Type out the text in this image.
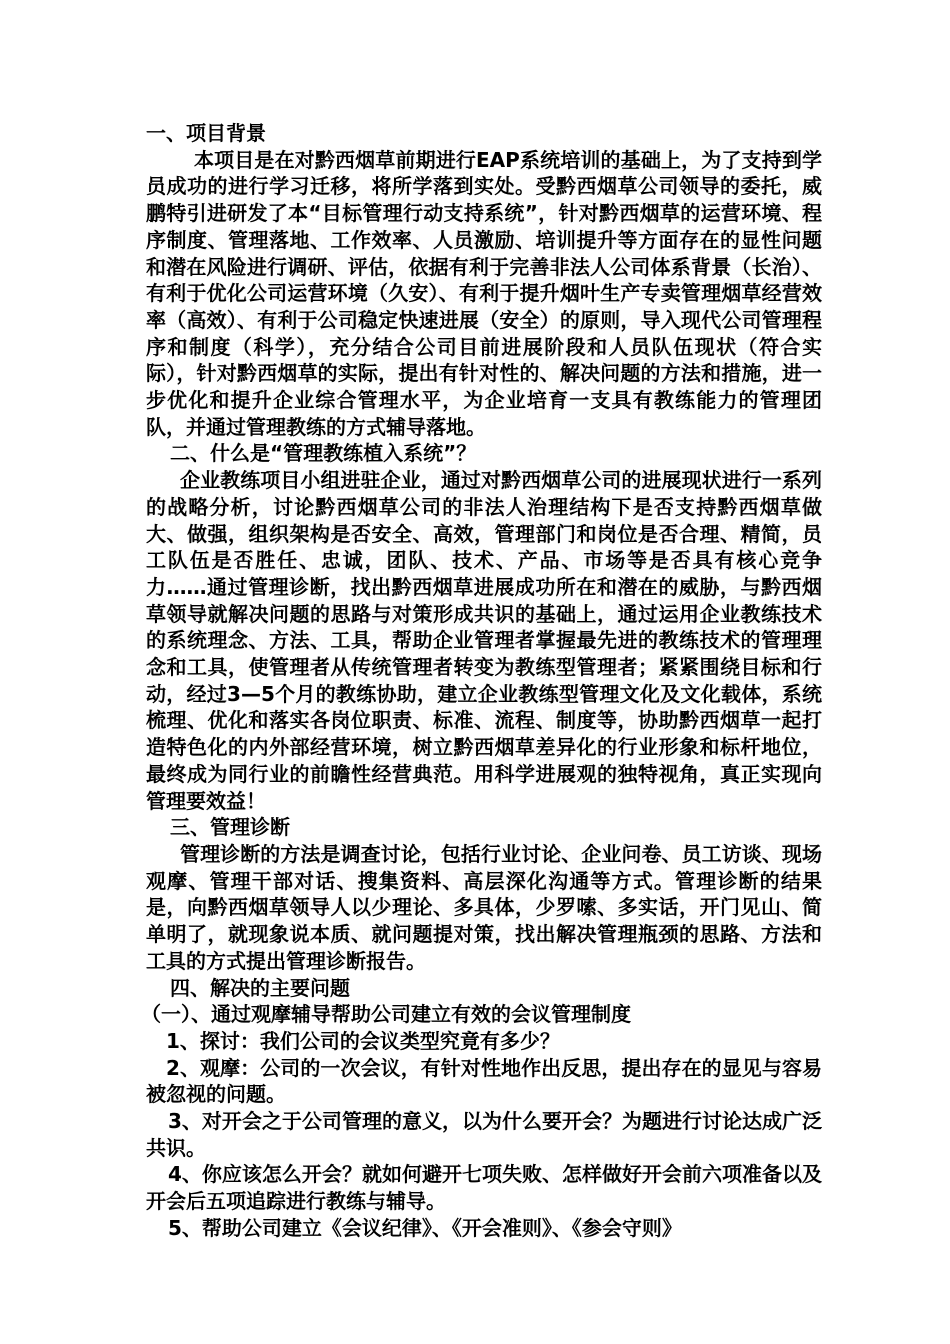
一、项目背景

本项目是在对黔西烟草前期进行EAP系统培训的基础上，为了支持到学员成功的进行学习迁移，将所学落到实处。受黔西烟草公司领导的委托，威鹏特引进研发了本“目标管理行动支持系统”，针对黔西烟草的运营环境、程序制度、管理落地、工作效率、人员激励、培训提升等方面存在的显性问题和潜在风险进行调研、评估，依据有利于完善非法人公司体系背景（长治）、有利于优化公司运营环境（久安）、有利于提升烟叶生产专卖管理烟草经营效率（高效）、有利于公司稳定快速进展（安全）的原则，导入现代公司管理程序和制度（科学），充分结合公司目前进展阶段和人员队伍现状（符合实际），针对黔西烟草的实际，提出有针对性的、解决问题的方法和措施，进一步优化和提升企业综合管理水平，为企业培育一支具有教练能力的管理团队，并通过管理教练的方式辅导落地。

二、什么是“管理教练植入系统”？

企业教练项目小组进驻企业，通过对黔西烟草公司的进展现状进行一系列的战略分析，讨论黔西烟草公司的非法人治理结构下是否支持黔西烟草做大、做强，组织架构是否安全、高效，管理部门和岗位是否合理、精简，员工队伍是否胜任、忠诚，团队、技术、产品、市场等是否具有核心竞争力……通过管理诊断，找出黔西烟草进展成功所在和潜在的威胁，与黔西烟草领导就解决问题的思路与对策形成共识的基础上，通过运用企业教练技术的系统理念、方法、工具，帮助企业管理者掌握最先进的教练技术的管理理念和工具，使管理者从传统管理者转变为教练型管理者；紧紧围绕目标和行动，经过3—5个月的教练协助，建立企业教练型管理文化及文化载体，系统梳理、优化和落实各岗位职责、标准、流程、制度等，协助黔西烟草一起打造特色化的内外部经营环境，树立黔西烟草差异化的行业形象和标杆地位，最终成为同行业的前瞻性经营典范。用科学进展观的独特视角，真正实现向管理要效益！

三、管理诊断

管理诊断的方法是调查讨论，包括行业讨论、企业问卷、员工访谈、现场观摩、管理干部对话、搜集资料、高层深化沟通等方式。管理诊断的结果是，向黔西烟草领导人以少理论、多具体，少罗嗦、多实话，开门见山、简单明了，就现象说本质、就问题提对策，找出解决管理瓶颈的思路、方法和工具的方式提出管理诊断报告。

四、解决的主要问题

（一）、通过观摩辅导帮助公司建立有效的会议管理制度

1、探讨：我们公司的会议类型究竟有多少？

2、观摩：公司的一次会议，有针对性地作出反思，提出存在的显见与容易被忽视的问题。

3、对开会之于公司管理的意义，以为什么要开会？为题进行讨论达成广泛共识。

4、你应该怎么开会？就如何避开七项失败、怎样做好开会前六项准备以及开会后五项追踪进行教练与辅导。

5、帮助公司建立《会议纪律》、《开会准则》、《参会守则》
